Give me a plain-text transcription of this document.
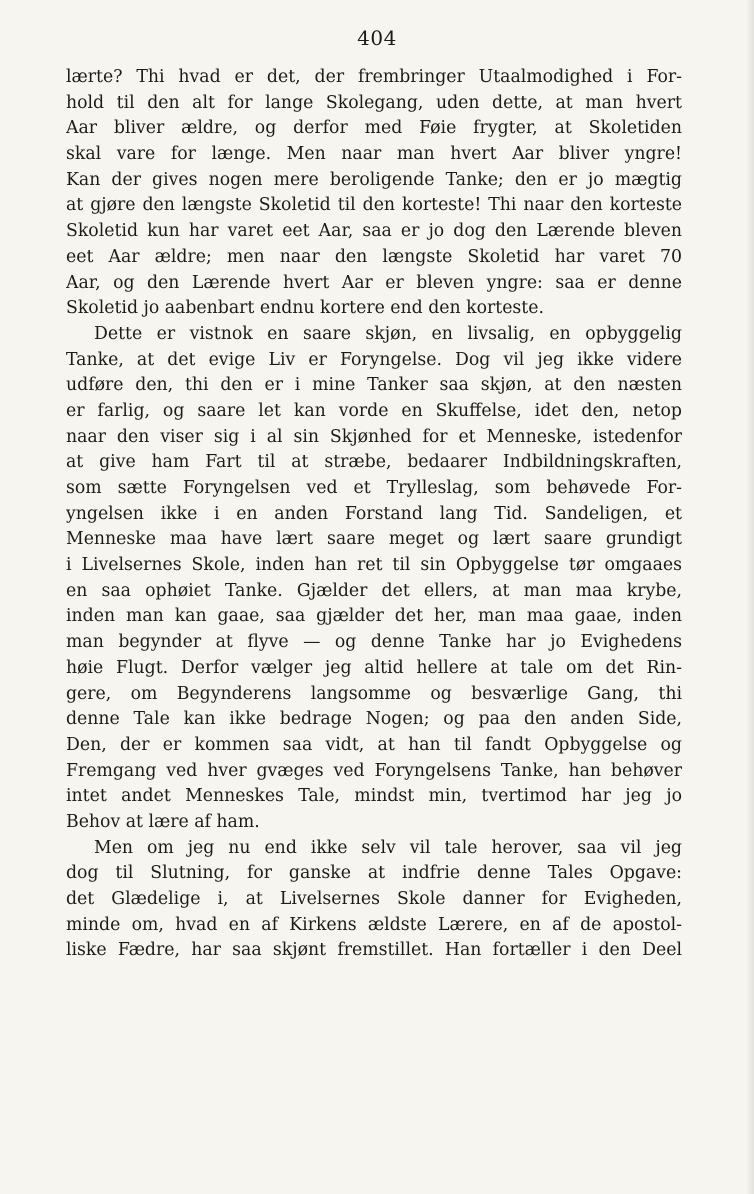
404
lærte? Thi hvad er det, der frembringer Utaalmodighed i For-
hold til den alt for lange Skolegang, uden dette, at man hvert
Aar bliver ældre, og derfor med Føie frygter, at Skoletiden
skal vare for længe. Men naar man hvert Aar bliver yngre!
Kan der gives nogen mere beroligende Tanke; den er jo mægtig
at gjøre den længste Skoletid til den korteste! Thi naar den korteste
Skoletid kun har varet eet Aar, saa er jo dog den Lærende bleven
eet Aar ældre; men naar den længste Skoletid har varet 70
Aar, og den Lærende hvert Aar er bleven yngre: saa er denne
Skoletid jo aabenbart endnu kortere end den korteste.
Dette er vistnok en saare skjøn, en livsalig, en opbyggelig
Tanke, at det evige Liv er Foryngelse. Dog vil jeg ikke videre
udføre den, thi den er i mine Tanker saa skjøn, at den næsten
er farlig, og saare let kan vorde en Skuffelse, idet den, netop
naar den viser sig i al sin Skjønhed for et Menneske, istedenfor
at give ham Fart til at stræbe, bedaarer Indbildningskraften,
som sætte Foryngelsen ved et Trylleslag, som behøvede For-
yngelsen ikke i en anden Forstand lang Tid. Sandeligen, et
Menneske maa have lært saare meget og lært saare grundigt
i Livelsernes Skole, inden han ret til sin Opbyggelse tør omgaaes
en saa ophøiet Tanke. Gjælder det ellers, at man maa krybe,
inden man kan gaae, saa gjælder det her, man maa gaae, inden
man begynder at flyve — og denne Tanke har jo Evighedens
høie Flugt. Derfor vælger jeg altid hellere at tale om det Rin-
gere, om Begynderens langsomme og besværlige Gang, thi
denne Tale kan ikke bedrage Nogen; og paa den anden Side,
Den, der er kommen saa vidt, at han til fandt Opbyggelse og
Fremgang ved hver gvæges ved Foryngelsens Tanke, han behøver
intet andet Menneskes Tale, mindst min, tvertimod har jeg jo
Behov at lære af ham.
Men om jeg nu end ikke selv vil tale herover, saa vil jeg
dog til Slutning, for ganske at indfrie denne Tales Opgave:
det Glædelige i, at Livelsernes Skole danner for Evigheden,
minde om, hvad en af Kirkens ældste Lærere, en af de apostol-
liske Fædre, har saa skjønt fremstillet. Han fortæller i den Deel
